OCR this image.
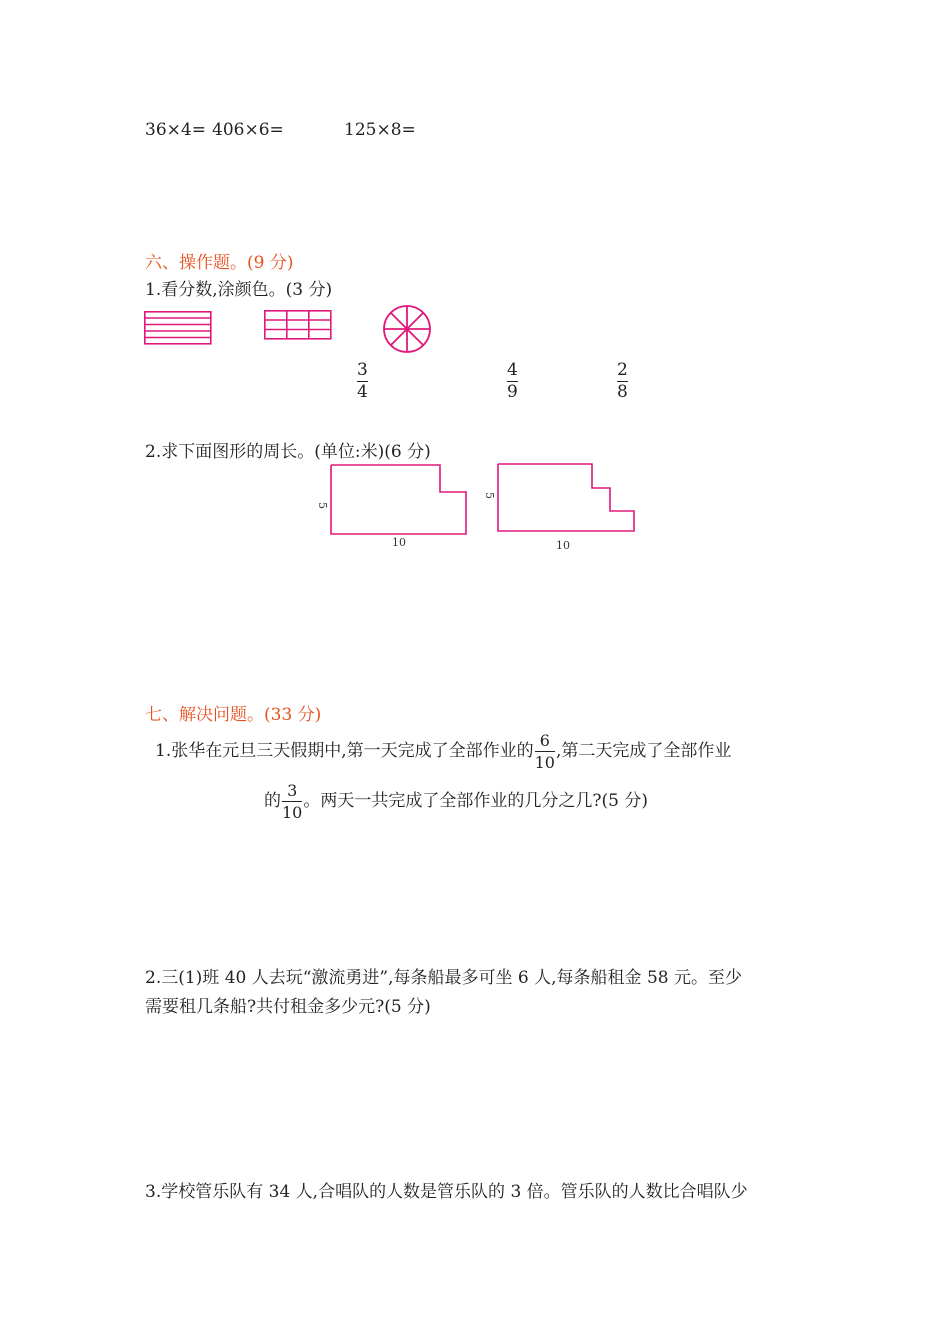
36×4= 406×6=	125×8=
六、操作题。(9 分)
1.看分数,涂颜色。(3 分)
3
4
4
9
2
8
2.求下面图形的周长。(单位:米)(6 分)
5
10
5
10
七、解决问题。(33 分)
1.张华在元旦三天假期中,第一天完成了全部作业的 $\frac{6}{10}$ ,第二天完成了全部作业
的 $\frac{3}{10}$ 。两天一共完成了全部作业的几分之几?(5 分)
2.三(1)班 40 人去玩“激流勇进”,每条船最多可坐 6 人,每条船租金 58 元。至少
需要租几条船?共付租金多少元?(5 分)
3.学校管乐队有 34 人,合唱队的人数是管乐队的 3 倍。管乐队的人数比合唱队少
